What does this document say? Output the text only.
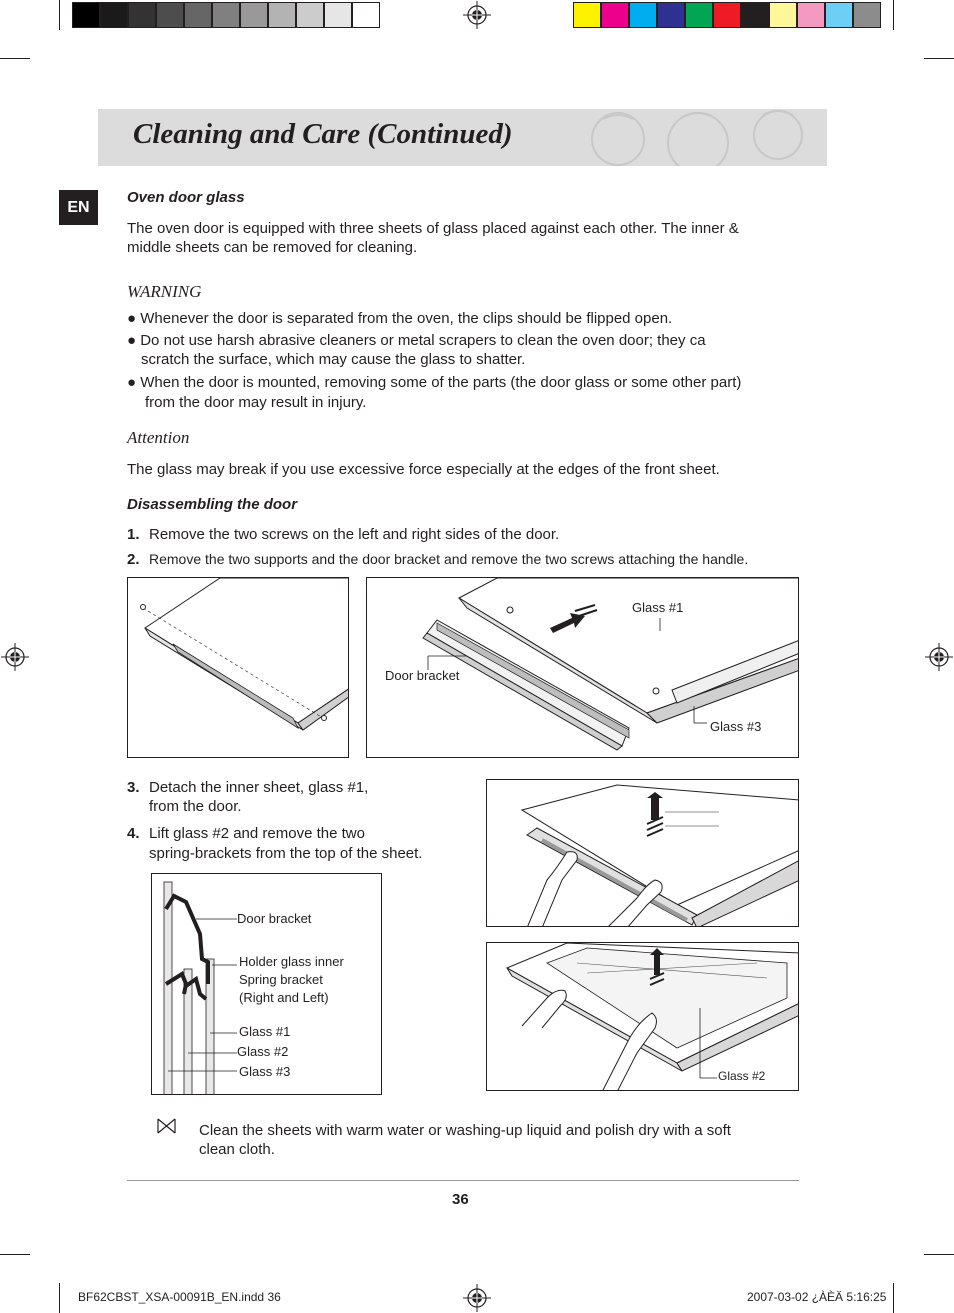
Cleaning and Care (Continued)
EN
Oven door glass
The oven door is equipped with three sheets of glass placed against each other. The inner &
middle sheets can be removed for cleaning.
WARNING
● Whenever the door is separated from the oven, the clips should be flipped open.
● Do not use harsh abrasive cleaners or metal scrapers to clean the oven door; they ca
scratch the surface, which may cause the glass to shatter.
● When the door is mounted, removing some of the parts (the door glass or some other part)
from the door may result in injury.
Attention
The glass may break if you use excessive force especially at the edges of the front sheet.
Disassembling the door
1. Remove the two screws on the left and right sides of the door.
2. Remove the two supports and the door bracket and remove the two screws attaching the handle.
Glass #1
Door bracket
Glass #3
3. Detach the inner sheet, glass #1,
from the door.
4. Lift glass #2 and remove the two
spring-brackets from the top of the sheet.
Door bracket
Holder glass inner
Spring bracket
(Right and Left)
Glass #1
Glass #2
Glass #3	Glass #2
Clean the sheets with warm water or washing-up liquid and polish dry with a soft
clean cloth.
36
BF62CBST_XSA-00091B_EN.indd 36	2007-03-02 ¿ÀÈÄ 5:16:25
